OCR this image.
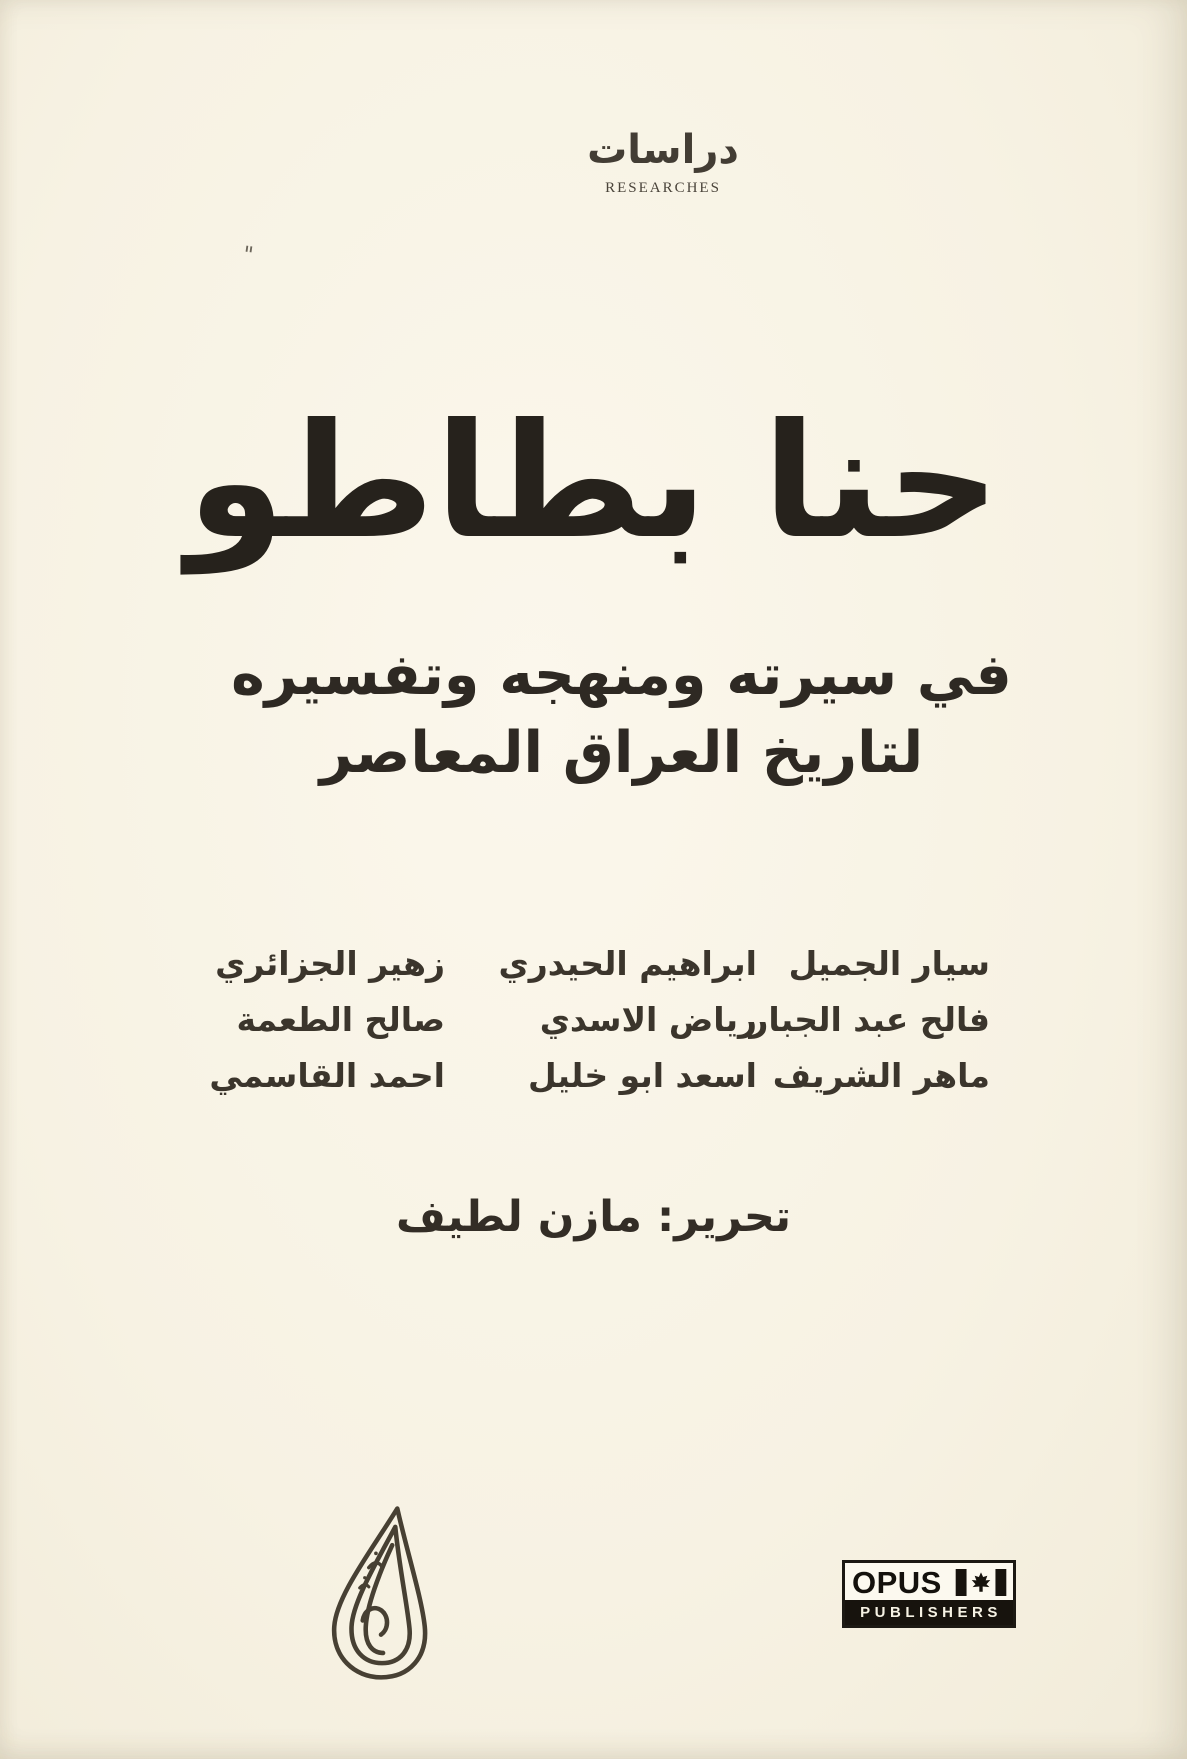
دراسات
RESEARCHES
"
حنا بطاطو
في سيرته ومنهجه وتفسيره
لتاريخ العراق المعاصر
سيار الجميل
فالح عبد الجبار
ماهر الشريف
ابراهيم الحيدري
رياض الاسدي
اسعد ابو خليل
زهير الجزائري
صالح الطعمة
احمد القاسمي
تحرير: مازن لطيف
OPUS
PUBLISHERS
